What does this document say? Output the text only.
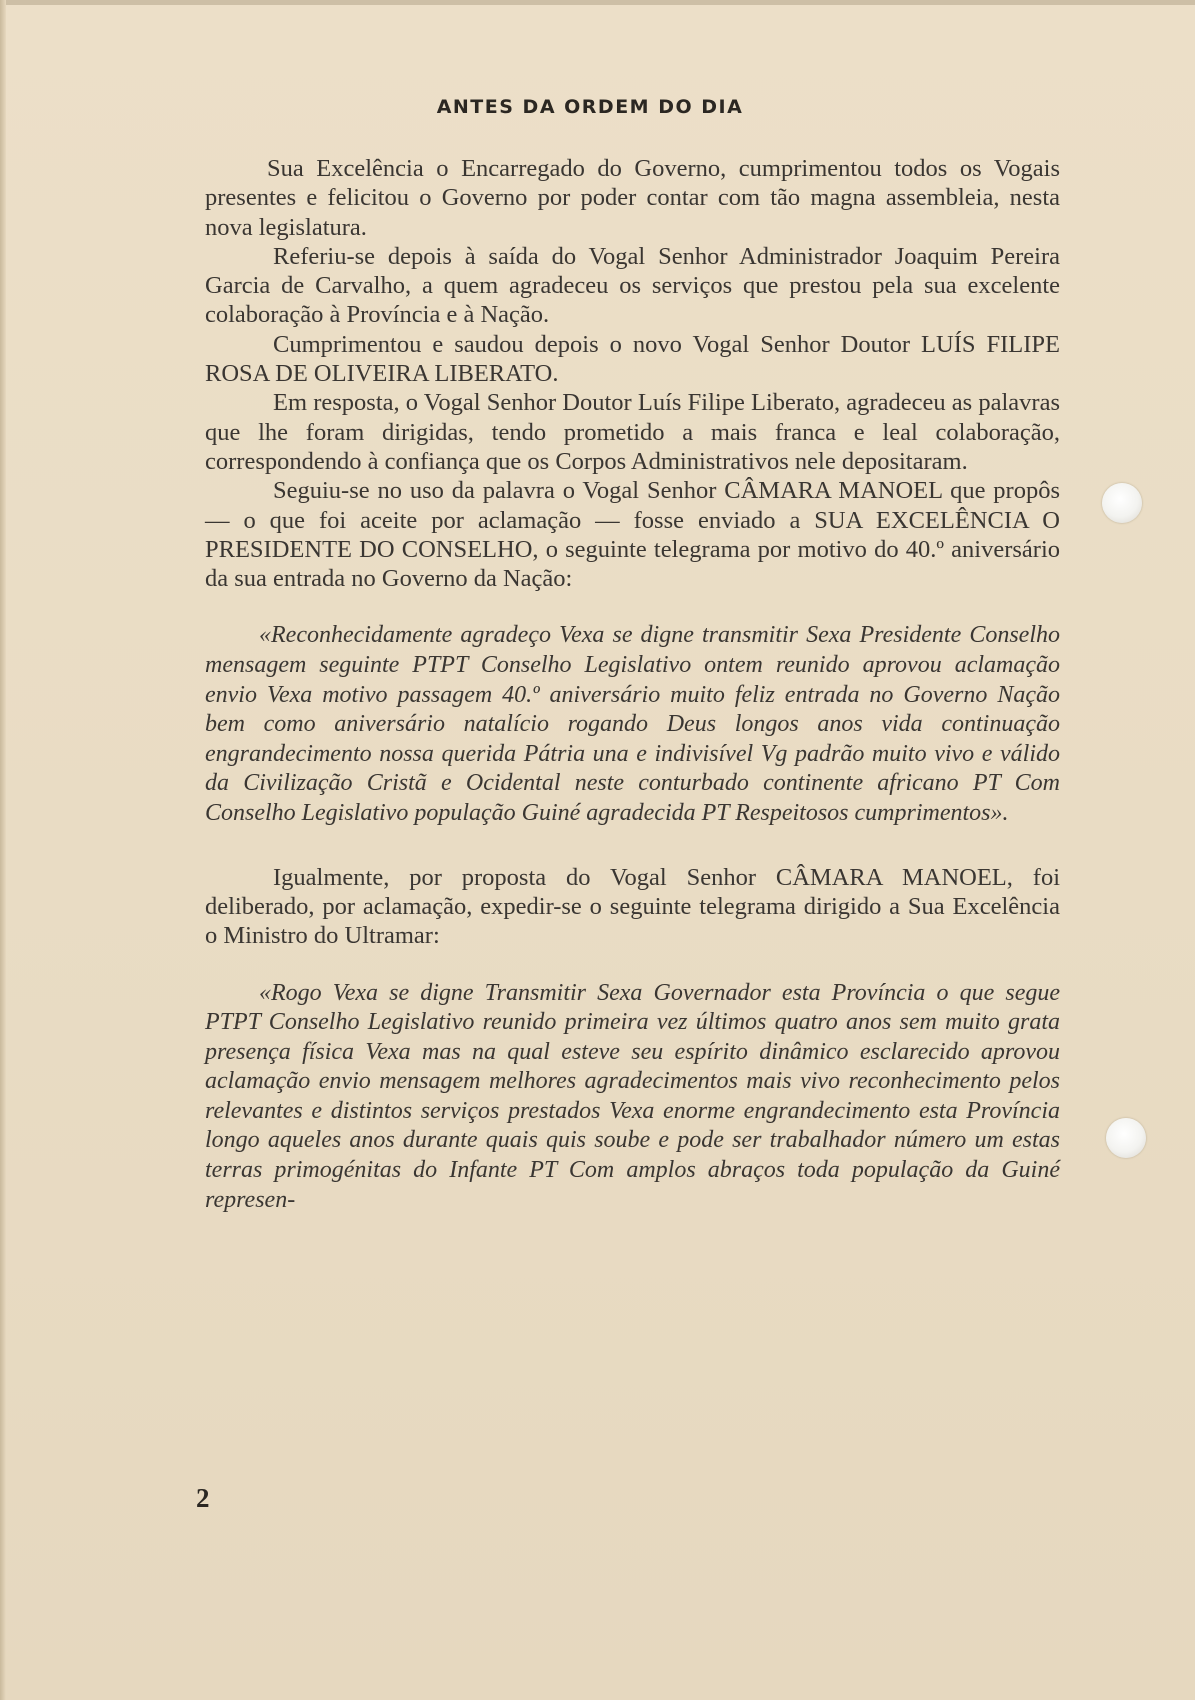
ANTES DA ORDEM DO DIA

Sua Excelência o Encarregado do Governo, cumprimentou todos os Vogais presentes e felicitou o Governo por poder contar com tão magna assembleia, nesta nova legislatura.

Referiu-se depois à saída do Vogal Senhor Administrador Joaquim Pereira Garcia de Carvalho, a quem agradeceu os serviços que prestou pela sua excelente colaboração à Província e à Nação.

Cumprimentou e saudou depois o novo Vogal Senhor Doutor LUÍS FILIPE ROSA DE OLIVEIRA LIBERATO.

Em resposta, o Vogal Senhor Doutor Luís Filipe Liberato, agradeceu as palavras que lhe foram dirigidas, tendo prometido a mais franca e leal colaboração, correspondendo à confiança que os Corpos Administrativos nele depositaram.

Seguiu-se no uso da palavra o Vogal Senhor CÂMARA MANOEL que propôs — o que foi aceite por aclamação — fosse enviado a SUA EXCELÊNCIA O PRESIDENTE DO CONSELHO, o seguinte telegrama por motivo do 40.º aniversário da sua entrada no Governo da Nação:

«Reconhecidamente agradeço Vexa se digne transmitir Sexa Presidente Conselho mensagem seguinte PTPT Conselho Legislativo ontem reunido aprovou aclamação envio Vexa motivo passagem 40.º aniversário muito feliz entrada no Governo Nação bem como aniversário natalício rogando Deus longos anos vida continuação engrandecimento nossa querida Pátria una e indivisível Vg padrão muito vivo e válido da Civilização Cristã e Ocidental neste conturbado continente africano PT Com Conselho Legislativo população Guiné agradecida PT Respeitosos cumprimentos».

Igualmente, por proposta do Vogal Senhor CÂMARA MANOEL, foi deliberado, por aclamação, expedir-se o seguinte telegrama dirigido a Sua Excelência o Ministro do Ultramar:

«Rogo Vexa se digne Transmitir Sexa Governador esta Província o que segue PTPT Conselho Legislativo reunido primeira vez últimos quatro anos sem muito grata presença física Vexa mas na qual esteve seu espírito dinâmico esclarecido aprovou aclamação envio mensagem melhores agradecimentos mais vivo reconhecimento pelos relevantes e distintos serviços prestados Vexa enorme engrandecimento esta Província longo aqueles anos durante quais quis soube e pode ser trabalhador número um estas terras primogénitas do Infante PT Com amplos abraços toda população da Guiné represen-

2
